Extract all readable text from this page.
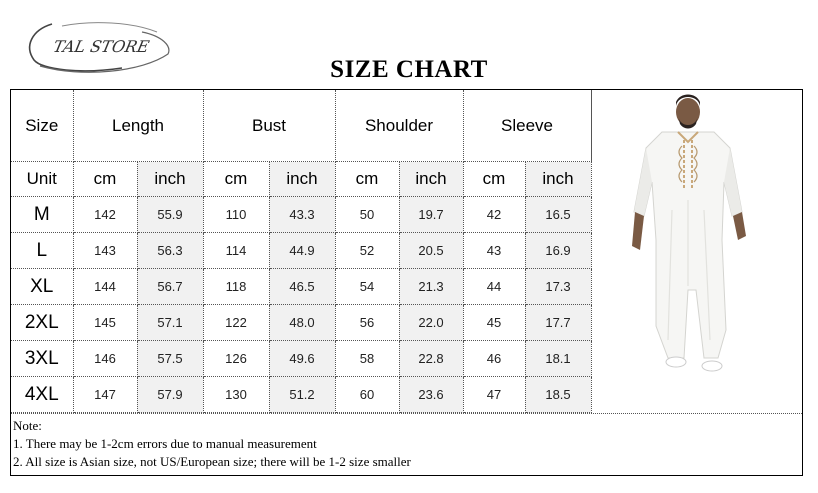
TAL STORE
SIZE CHART
Size	Length		Bust		Shoulder		Sleeve	
Unit	cm	inch	cm	inch	cm	inch	cm	inch
M	142	55.9	110	43.3	50	19.7	42	16.5
L	143	56.3	114	44.9	52	20.5	43	16.9
XL	144	56.7	118	46.5	54	21.3	44	17.3
2XL	145	57.1	122	48.0	56	22.0	45	17.7
3XL	146	57.5	126	49.6	58	22.8	46	18.1
4XL	147	57.9	130	51.2	60	23.6	47	18.5
Note:
1. There may be 1-2cm errors due to manual measurement
2. All size is Asian size, not US/European size; there will be 1-2 size smaller
